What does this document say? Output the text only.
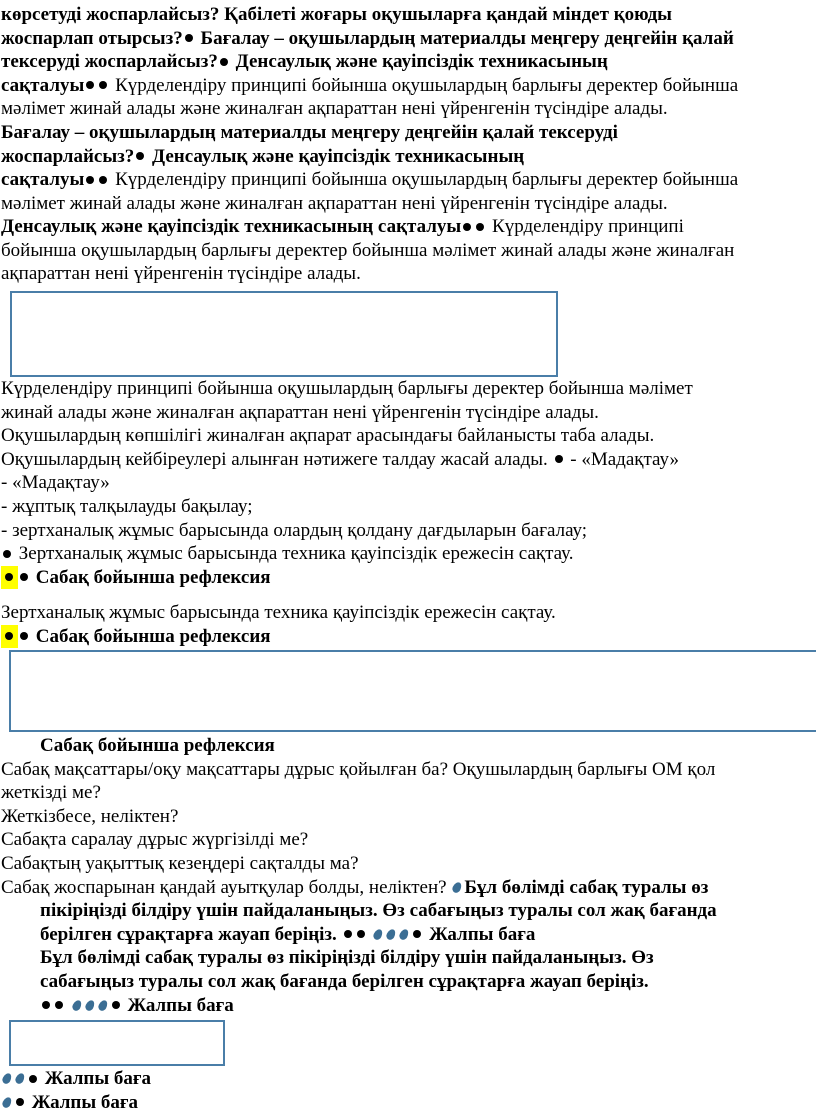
көрсетуді жоспарлайсыз? Қабілеті жоғары оқушыларға қандай міндет қоюды
жоспарлап отырсыз? Бағалау – оқушылардың материалды меңгеру деңгейін қалай
тексеруді жоспарлайсыз? Денсаулық және қауіпсіздік техникасының
сақталуы Күрделендіру принципі бойынша оқушылардың барлығы деректер бойынша
мәлімет жинай алады және жиналған ақпараттан нені үйренгенін түсіндіре алады.
Бағалау – оқушылардың материалды меңгеру деңгейін қалай тексеруді
жоспарлайсыз? Денсаулық және қауіпсіздік техникасының
сақталуы Күрделендіру принципі бойынша оқушылардың барлығы деректер бойынша
мәлімет жинай алады және жиналған ақпараттан нені үйренгенін түсіндіре алады.
Денсаулық және қауіпсіздік техникасының сақталуы Күрделендіру принципі
бойынша оқушылардың барлығы деректер бойынша мәлімет жинай алады және жиналған
ақпараттан нені үйренгенін түсіндіре алады.
Күрделендіру принципі бойынша оқушылардың барлығы деректер бойынша мәлімет
жинай алады және жиналған ақпараттан нені үйренгенін түсіндіре алады.
Оқушылардың көпшілігі жиналған ақпарат арасындағы байланысты таба алады.
Оқушылардың кейбіреулері алынған нәтижеге талдау жасай алады.  - «Мадақтау»
- «Мадақтау»
- жұптық талқылауды бақылау;
- зертханалық жұмыс барысында олардың қолдану дағдыларын бағалау;
Зертханалық жұмыс барысында техника қауіпсіздік ережесін сақтау.
Сабақ бойынша рефлексия
Зертханалық жұмыс барысында техника қауіпсіздік ережесін сақтау.
Сабақ бойынша рефлексия
Сабақ бойынша рефлексия
Сабақ мақсаттары/оқу мақсаттары дұрыс қойылған ба? Оқушылардың барлығы ОМ қол
жеткізді ме?
Жеткізбесе, неліктен?
Сабақта саралау дұрыс жүргізілді ме?
Сабақтың уақыттық кезеңдері сақталды ма?
Сабақ жоспарынан қандай ауытқулар болды, неліктен? Бұл бөлімді сабақ туралы өз
пікіріңізді білдіру үшін пайдаланыңыз. Өз сабағыңыз туралы сол жақ бағанда
берілген сұрақтарға жауап беріңіз.	Жалпы баға
Бұл бөлімді сабақ туралы өз пікіріңізді білдіру үшін пайдаланыңыз. Өз
сабағыңыз туралы сол жақ бағанда берілген сұрақтарға жауап беріңіз.
Жалпы баға
Жалпы баға
Жалпы баға
